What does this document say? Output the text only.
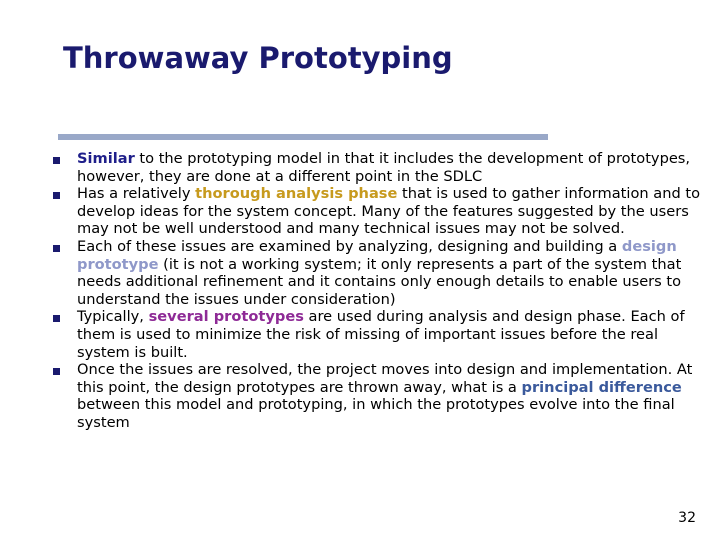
Throwaway Prototyping
Similar to the prototyping model in that it includes the development of prototypes, however, they are done at a different point in the SDLC
Has a relatively thorough analysis phase that is used to gather information and to develop ideas for the system concept. Many of the features suggested by the users may not be well understood and many technical issues may not be solved.
Each of these issues are examined by analyzing, designing and building a design prototype (it is not a working system; it only represents a part of the system that needs additional refinement and it contains only enough details to enable users to understand the issues under consideration)
Typically, several prototypes are used during analysis and design phase. Each of them is used to minimize the risk of missing of important issues before the real system is built.
Once the issues are resolved, the project moves into design and implementation. At this point, the design prototypes are thrown away, what is a principal difference between this model and prototyping, in which the prototypes evolve into the final system
32
